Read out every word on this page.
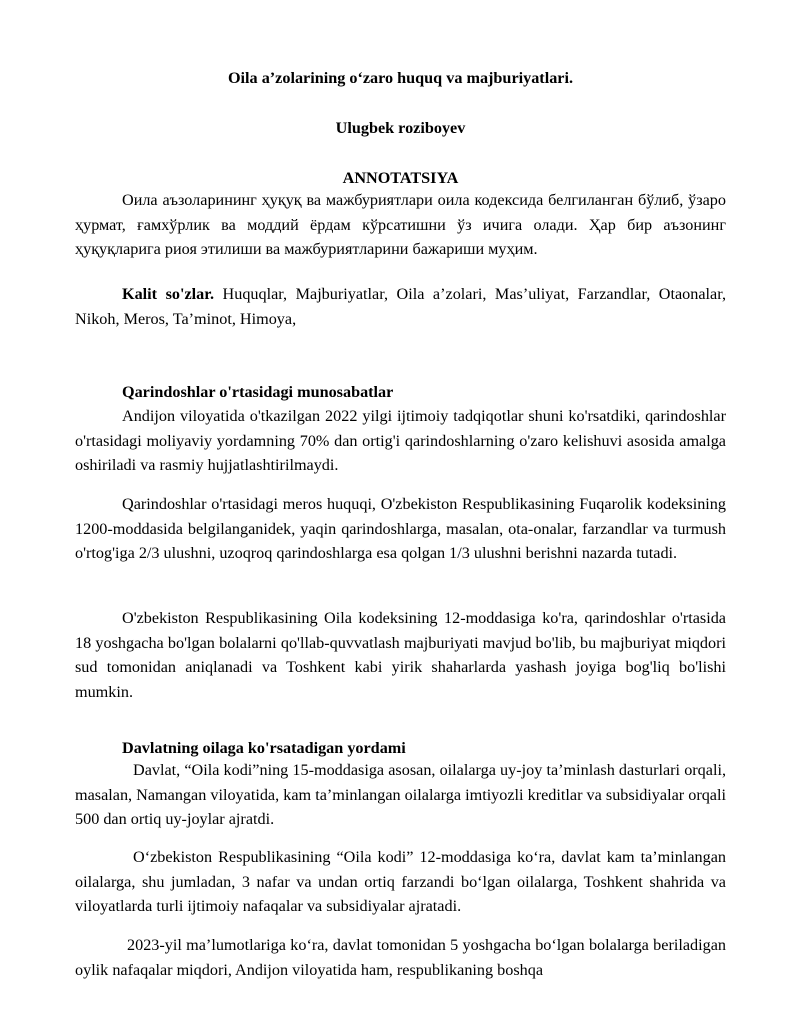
Oila a’zolarining o‘zaro huquq va majburiyatlari.
Ulugbek roziboyev
ANNOTATSIYA

Оила аъзоларининг ҳуқуқ ва мажбуриятлари оила кодексида белгиланган бўлиб, ўзаро ҳурмат, ғамхўрлик ва моддий ёрдам кўрсатишни ўз ичига олади. Ҳар бир аъзонинг ҳуқуқларига риоя этилиши ва мажбуриятларини бажариши муҳим.

Kalit so'zlar. Huquqlar, Majburiyatlar, Oila a’zolari, Mas’uliyat, Farzandlar, Otaonalar, Nikoh, Meros, Ta’minot, Himoya,

Qarindoshlar o'rtasidagi munosabatlar

Andijon viloyatida o'tkazilgan 2022 yilgi ijtimoiy tadqiqotlar shuni ko'rsatdiki, qarindoshlar o'rtasidagi moliyaviy yordamning 70% dan ortig'i qarindoshlarning o'zaro kelishuvi asosida amalga oshiriladi va rasmiy hujjatlashtirilmaydi.

Qarindoshlar o'rtasidagi meros huquqi, O'zbekiston Respublikasining Fuqarolik kodeksining 1200-moddasida belgilanganidek, yaqin qarindoshlarga, masalan, ota-onalar, farzandlar va turmush o'rtog'iga 2/3 ulushni, uzoqroq qarindoshlarga esa qolgan 1/3 ulushni berishni nazarda tutadi.

O'zbekiston Respublikasining Oila kodeksining 12-moddasiga ko'ra, qarindoshlar o'rtasida 18 yoshgacha bo'lgan bolalarni qo'llab-quvvatlash majburiyati mavjud bo'lib, bu majburiyat miqdori sud tomonidan aniqlanadi va Toshkent kabi yirik shaharlarda yashash joyiga bog'liq bo'lishi mumkin.

Davlatning oilaga ko'rsatadigan yordami

Davlat, “Oila kodi”ning 15-moddasiga asosan, oilalarga uy-joy ta’minlash dasturlari orqali, masalan, Namangan viloyatida, kam ta’minlangan oilalarga imtiyozli kreditlar va subsidiyalar orqali 500 dan ortiq uy-joylar ajratdi.

O‘zbekiston Respublikasining “Oila kodi” 12-moddasiga ko‘ra, davlat kam ta’minlangan oilalarga, shu jumladan, 3 nafar va undan ortiq farzandi bo‘lgan oilalarga, Toshkent shahrida va viloyatlarda turli ijtimoiy nafaqalar va subsidiyalar ajratadi.

2023-yil ma’lumotlariga ko‘ra, davlat tomonidan 5 yoshgacha bo‘lgan bolalarga beriladigan oylik nafaqalar miqdori, Andijon viloyatida ham, respublikaning boshqa
